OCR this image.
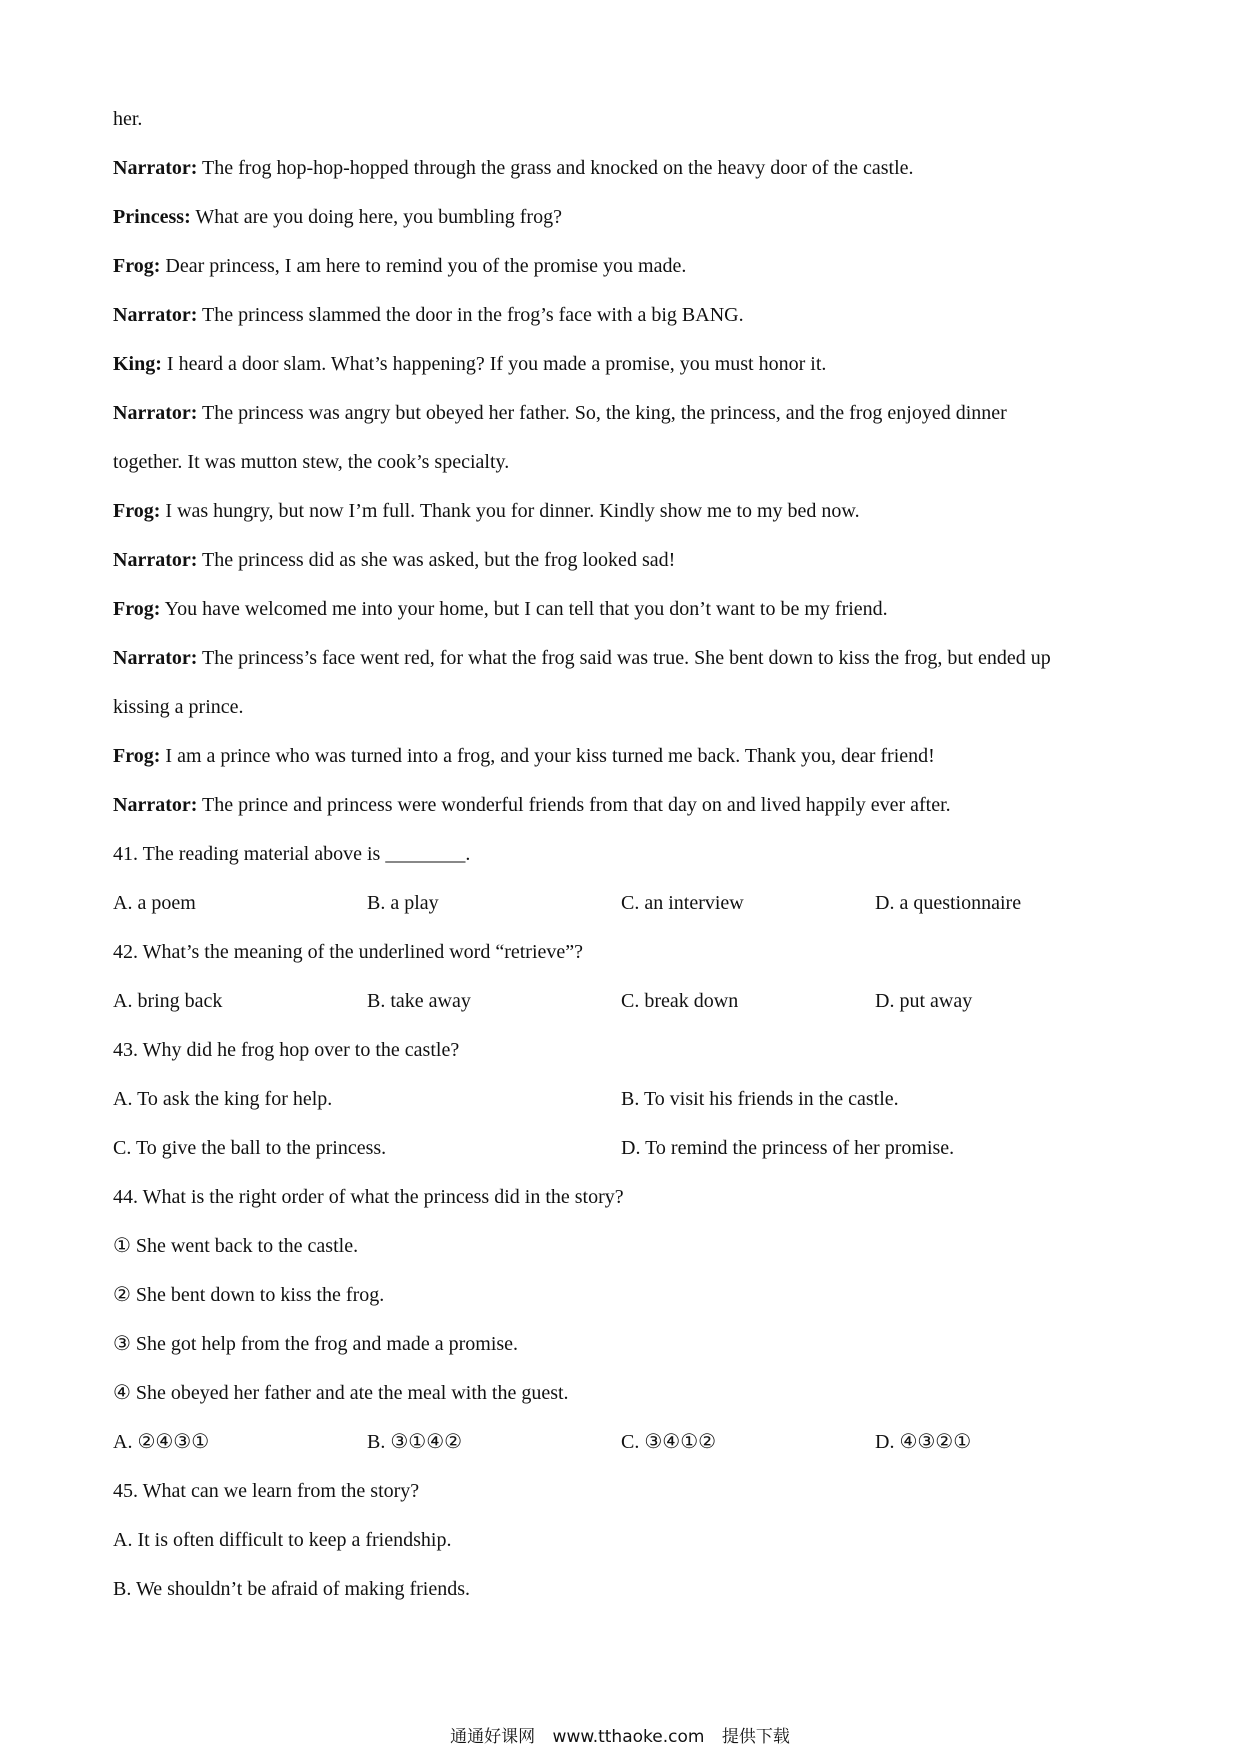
her.
Narrator: The frog hop-hop-hopped through the grass and knocked on the heavy door of the castle.
Princess: What are you doing here, you bumbling frog?
Frog: Dear princess, I am here to remind you of the promise you made.
Narrator: The princess slammed the door in the frog’s face with a big BANG.
King: I heard a door slam. What’s happening? If you made a promise, you must honor it.
Narrator: The princess was angry but obeyed her father. So, the king, the princess, and the frog enjoyed dinner
together. It was mutton stew, the cook’s specialty.
Frog: I was hungry, but now I’m full. Thank you for dinner. Kindly show me to my bed now.
Narrator: The princess did as she was asked, but the frog looked sad!
Frog: You have welcomed me into your home, but I can tell that you don’t want to be my friend.
Narrator: The princess’s face went red, for what the frog said was true. She bent down to kiss the frog, but ended up
kissing a prince.
Frog: I am a prince who was turned into a frog, and your kiss turned me back. Thank you, dear friend!
Narrator: The prince and princess were wonderful friends from that day on and lived happily ever after.
41. The reading material above is ________.
A. a poem	B. a play	C. an interview	D. a questionnaire
42. What’s the meaning of the underlined word “retrieve”?
A. bring back	B. take away	C. break down	D. put away
43. Why did he frog hop over to the castle?
A. To ask the king for help.	B. To visit his friends in the castle.
C. To give the ball to the princess.	D. To remind the princess of her promise.
44. What is the right order of what the princess did in the story?
① She went back to the castle.
② She bent down to kiss the frog.
③ She got help from the frog and made a promise.
④ She obeyed her father and ate the meal with the guest.
A. ②④③①	B. ③①④②	C. ③④①②	D. ④③②①
45. What can we learn from the story?
A. It is often difficult to keep a friendship.
B. We shouldn’t be afraid of making friends.
通通好课网 www.tthaoke.com 提供下载
